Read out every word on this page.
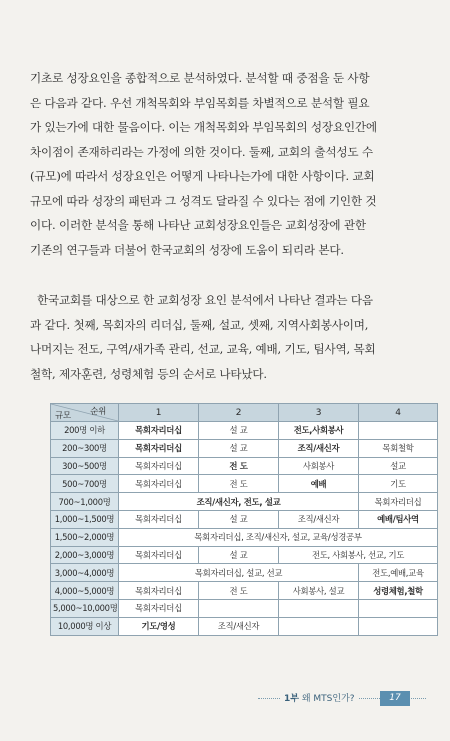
기초로 성장요인을 종합적으로 분석하였다. 분석할 때 중점을 둔 사항
은 다음과 같다. 우선 개척목회와 부임목회를 차별적으로 분석할 필요
가 있는가에 대한 물음이다. 이는 개척목회와 부임목회의 성장요인간에
차이점이 존재하리라는 가정에 의한 것이다. 둘째, 교회의 출석성도 수
(규모)에 따라서 성장요인은 어떻게 나타나는가에 대한 사항이다. 교회
규모에 따라 성장의 패턴과 그 성격도 달라질 수 있다는 점에 기인한 것
이다. 이러한 분석을 통해 나타난 교회성장요인들은 교회성장에 관한
기존의 연구들과 더불어 한국교회의 성장에 도움이 되리라 본다.
한국교회를 대상으로 한 교회성장 요인 분석에서 나타난 결과는 다음
과 같다. 첫째, 목회자의 리더십, 둘째, 설교, 셋째, 지역사회봉사이며,
나머지는 전도, 구역/새가족 관리, 선교, 교육, 예배, 기도, 팀사역, 목회
철학, 제자훈련, 성령체험 등의 순서로 나타났다.
순위
규모	1	2	3	4
200명 이하	목회자리더십	설 교	전도,사회봉사	
200~300명	목회자리더십	설 교	조직/새신자	목회철학
300~500명	목회자리더십	전 도	사회봉사	설교
500~700명	목회자리더십	전 도	예배	기도
700~1,000명	조직/새신자, 전도, 설교			목회자리더십
1,000~1,500명	목회자리더십	설 교	조직/새신자	예배/팀사역
1,500~2,000명	목회자리더십, 조직/새신자, 설교, 교육/성경공부			
2,000~3,000명	목회자리더십	설 교	전도, 사회봉사, 선교, 기도	
3,000~4,000명	목회자리더십, 설교, 선교			전도,예배,교육
4,000~5,000명	목회자리더십	전 도	사회봉사, 설교	성령체험,철학
5,000~10,000명	목회자리더십			
10,000명 이상	기도/영성	조직/새신자		
1부 왜 MTS인가?	17
